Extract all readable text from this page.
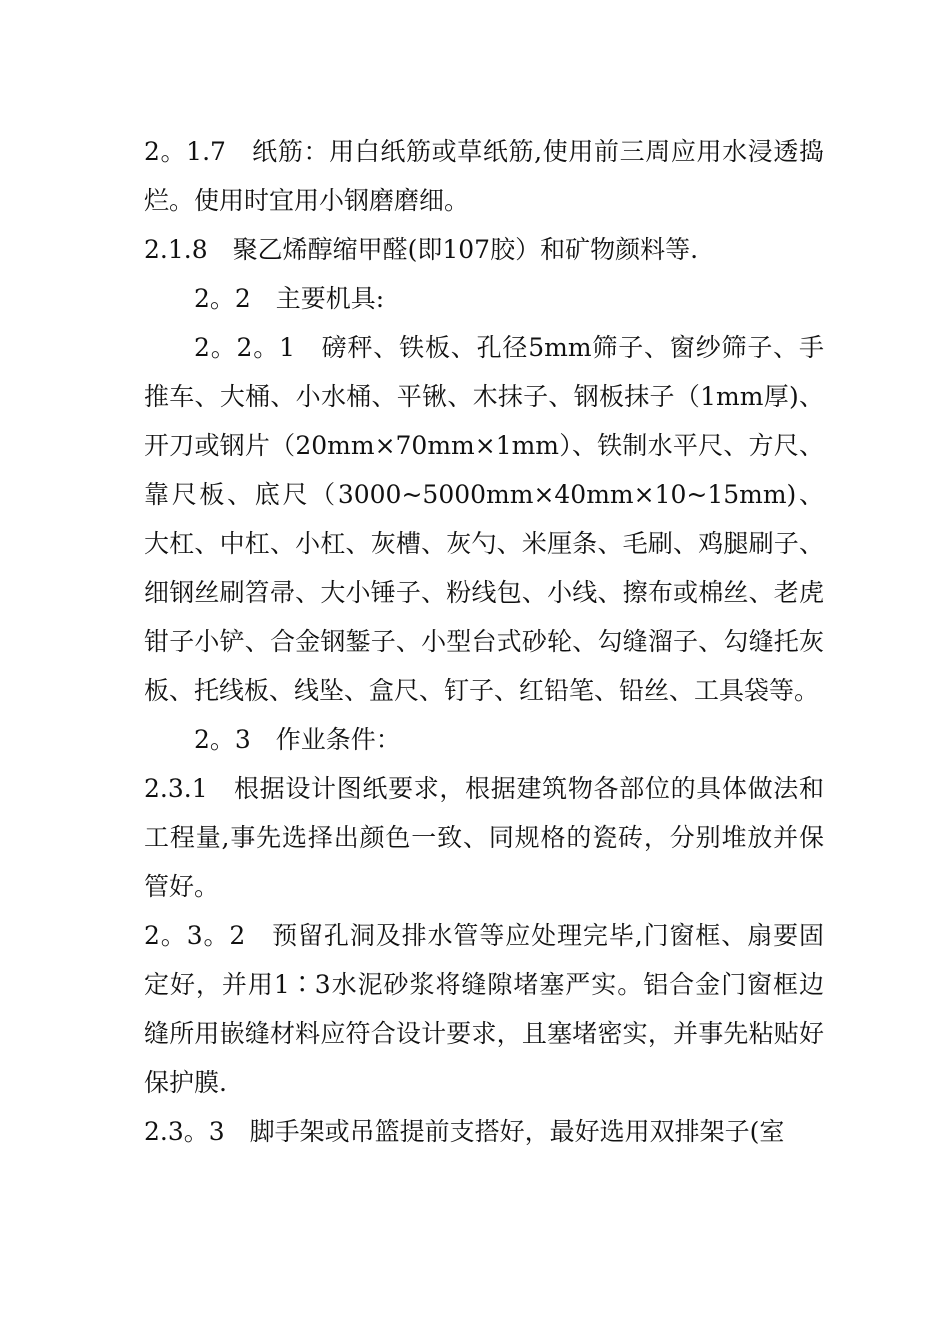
2。1.7　纸筋：用白纸筋或草纸筋,使用前三周应用水浸透捣烂。使用时宜用小钢磨磨细。

2.1.8　聚乙烯醇缩甲醛(即107胶）和矿物颜料等.

2。2　主要机具:

2。2。1　磅秤、铁板、孔径5mm筛子、窗纱筛子、手推车、大桶、小水桶、平锹、木抹子、钢板抹子（1mm厚)、开刀或钢片（20mm×70mm×1mm）、铁制水平尺、方尺、靠尺板、底尺（3000~5000mm×40mm×10~15mm)、大杠、中杠、小杠、灰槽、灰勺、米厘条、毛刷、鸡腿刷子、细钢丝刷笤帚、大小锤子、粉线包、小线、擦布或棉丝、老虎钳子小铲、合金钢錾子、小型台式砂轮、勾缝溜子、勾缝托灰板、托线板、线坠、盒尺、钉子、红铅笔、铅丝、工具袋等。

2。3　作业条件：

2.3.1　根据设计图纸要求，根据建筑物各部位的具体做法和工程量,事先选择出颜色一致、同规格的瓷砖，分别堆放并保管好。

2。3。2　预留孔洞及排水管等应处理完毕,门窗框、扇要固定好，并用1∶3水泥砂浆将缝隙堵塞严实。铝合金门窗框边缝所用嵌缝材料应符合设计要求，且塞堵密实，并事先粘贴好保护膜.

2.3。3　脚手架或吊篮提前支搭好，最好选用双排架子(室
